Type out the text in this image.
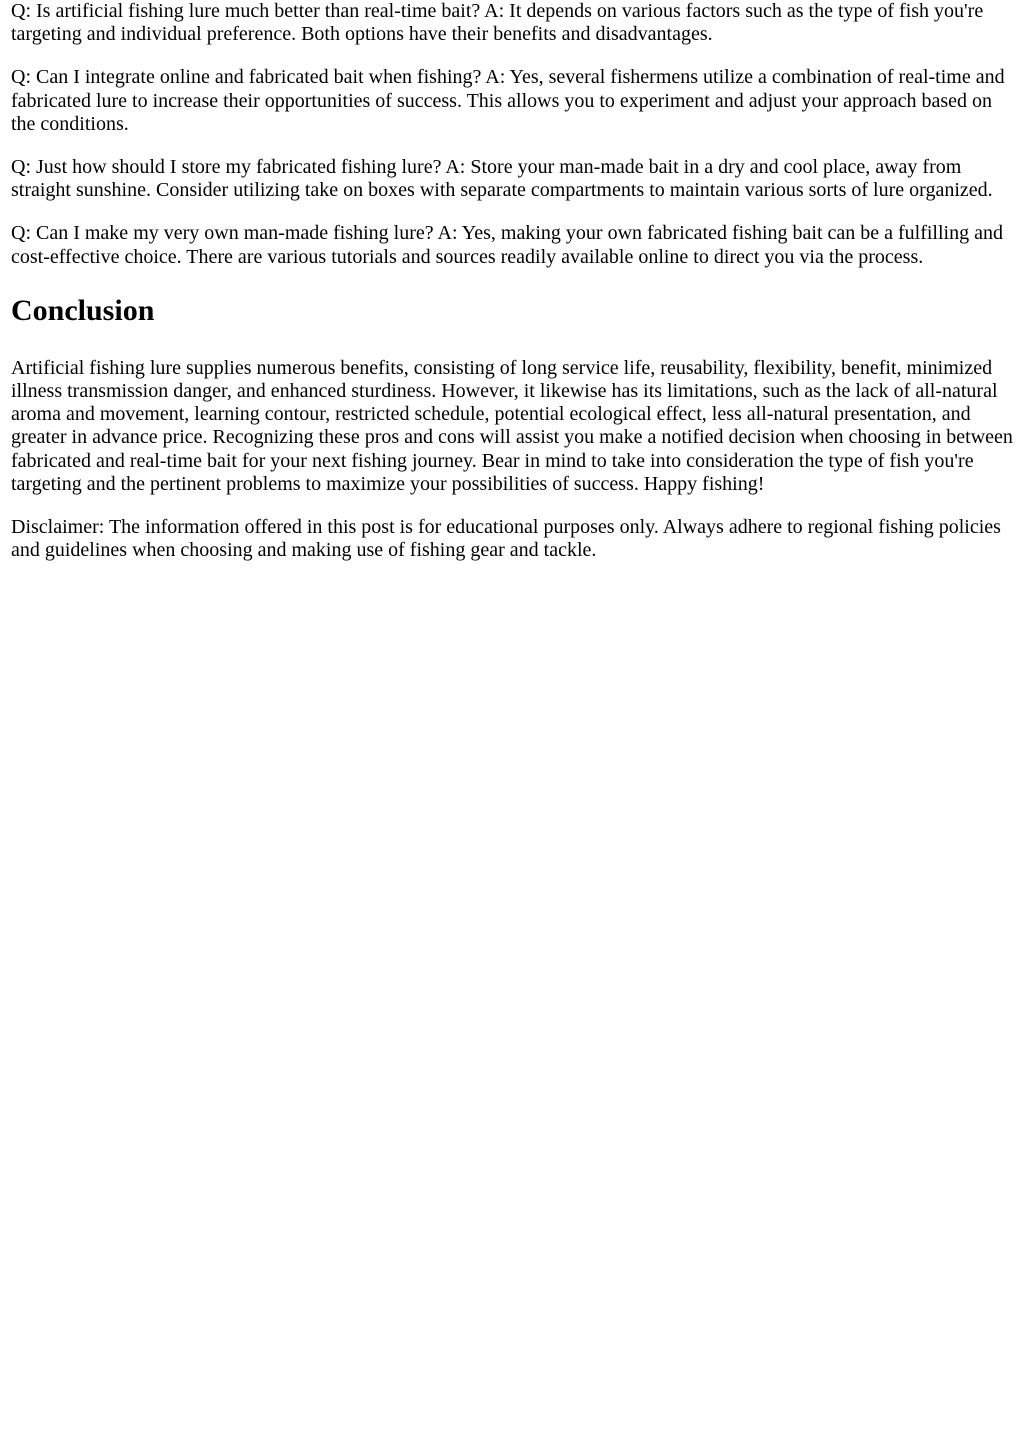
Q: Is artificial fishing lure much better than real-time bait? A: It depends on various factors such as the type of fish you're targeting and individual preference. Both options have their benefits and disadvantages.

Q: Can I integrate online and fabricated bait when fishing? A: Yes, several fishermens utilize a combination of real-time and fabricated lure to increase their opportunities of success. This allows you to experiment and adjust your approach based on the conditions.

Q: Just how should I store my fabricated fishing lure? A: Store your man-made bait in a dry and cool place, away from straight sunshine. Consider utilizing take on boxes with separate compartments to maintain various sorts of lure organized.

Q: Can I make my very own man-made fishing lure? A: Yes, making your own fabricated fishing bait can be a fulfilling and cost-effective choice. There are various tutorials and sources readily available online to direct you via the process.

Conclusion

Artificial fishing lure supplies numerous benefits, consisting of long service life, reusability, flexibility, benefit, minimized illness transmission danger, and enhanced sturdiness. However, it likewise has its limitations, such as the lack of all-natural aroma and movement, learning contour, restricted schedule, potential ecological effect, less all-natural presentation, and greater in advance price. Recognizing these pros and cons will assist you make a notified decision when choosing in between fabricated and real-time bait for your next fishing journey. Bear in mind to take into consideration the type of fish you're targeting and the pertinent problems to maximize your possibilities of success. Happy fishing!

Disclaimer: The information offered in this post is for educational purposes only. Always adhere to regional fishing policies and guidelines when choosing and making use of fishing gear and tackle.
